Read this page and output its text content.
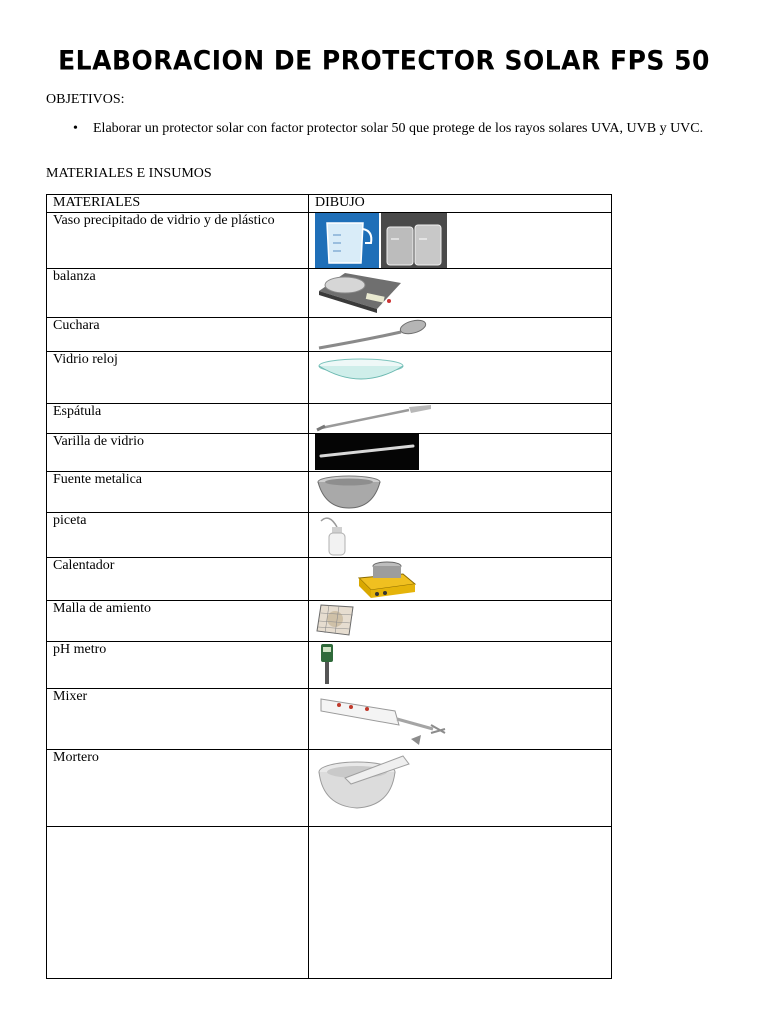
ELABORACION DE PROTECTOR SOLAR FPS 50
OBJETIVOS:
• Elaborar un protector solar con factor protector solar 50 que protege de los rayos solares UVA, UVB y UVC.
MATERIALES E INSUMOS
MATERIALES	DIBUJO
Vaso precipitado de vidrio y de plástico	

balanza	

Cuchara	

Vidrio reloj	

Espátula	

Varilla de vidrio	

Fuente metalica	

piceta	

Calentador	

Malla de amiento	

pH metro	

Mixer	

Mortero	
